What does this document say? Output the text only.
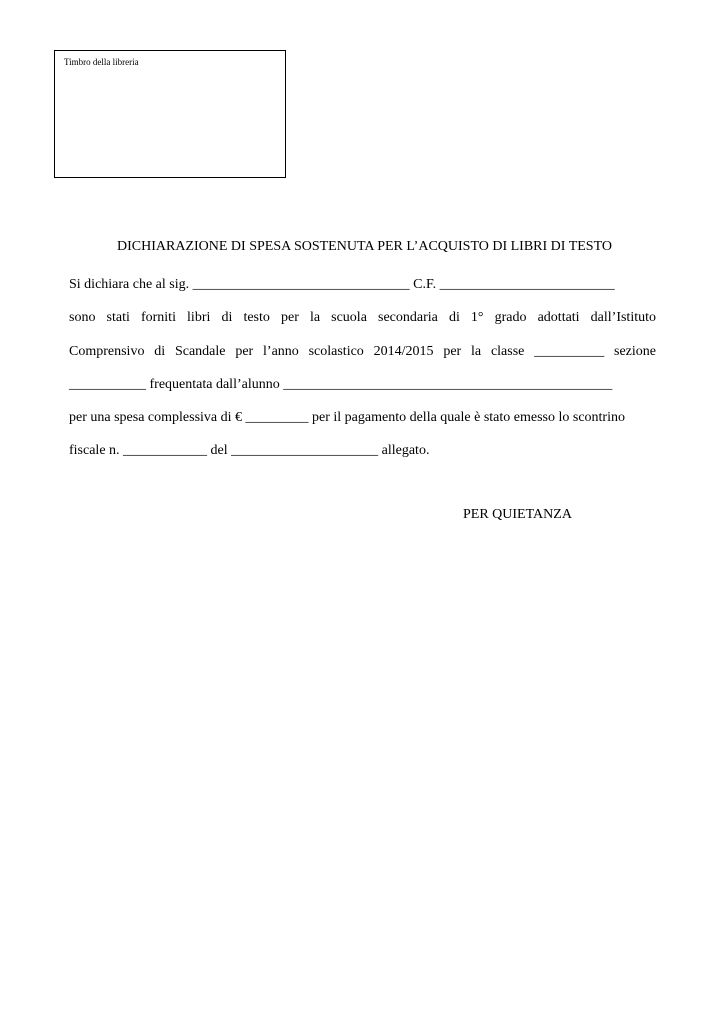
Timbro della libreria
DICHIARAZIONE DI SPESA SOSTENUTA PER L’ACQUISTO DI LIBRI DI TESTO
Si dichiara che al sig. _______________________________ C.F. _________________________
sono stati forniti libri di testo per la scuola secondaria di 1° grado adottati dall’Istituto
Comprensivo di Scandale per l’anno scolastico 2014/2015 per la classe __________ sezione
___________ frequentata dall’alunno _______________________________________________
per una spesa complessiva di € _________ per il pagamento della quale è stato emesso lo scontrino
fiscale n. ____________ del _____________________ allegato.
PER QUIETANZA
